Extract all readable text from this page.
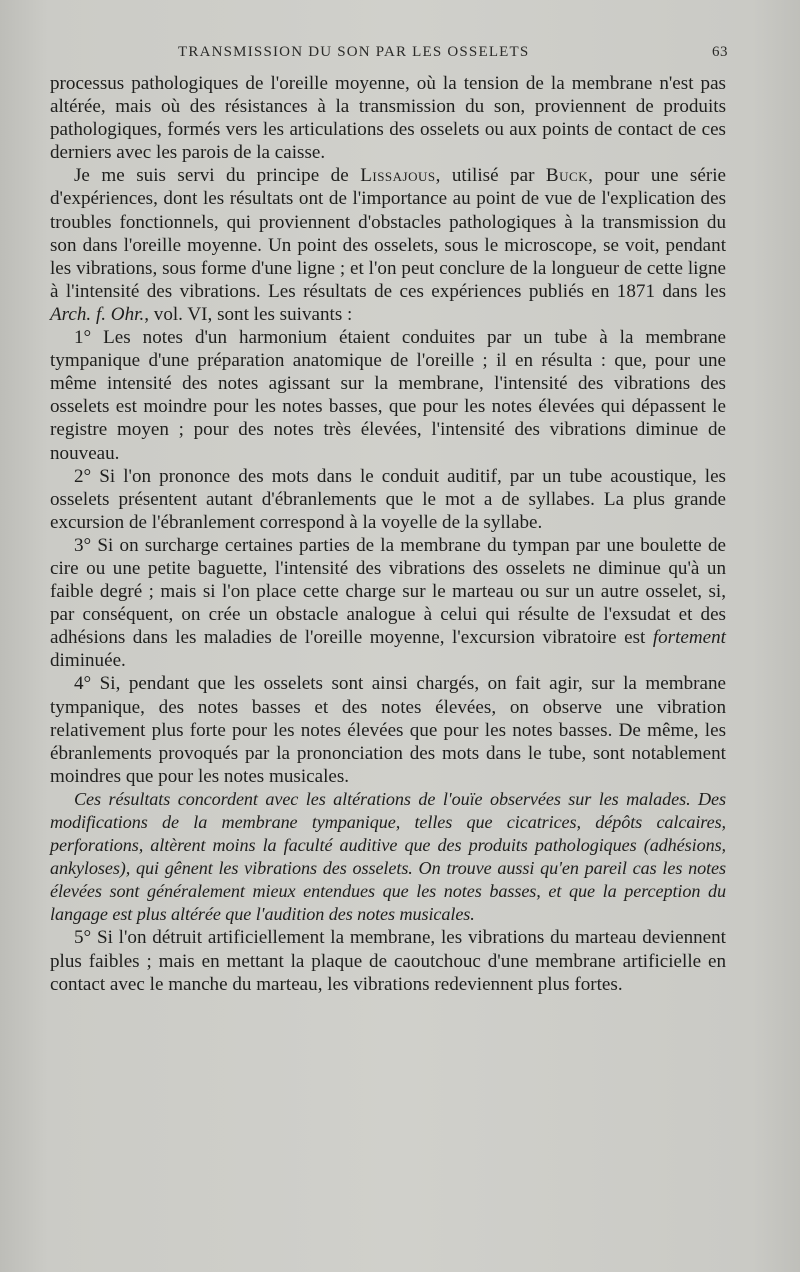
TRANSMISSION DU SON PAR LES OSSELETS	63

processus pathologiques de l'oreille moyenne, où la tension de la membrane n'est pas altérée, mais où des résistances à la transmission du son, proviennent de produits pathologiques, formés vers les articulations des osselets ou aux points de contact de ces derniers avec les parois de la caisse.

Je me suis servi du principe de Lissajous, utilisé par Buck, pour une série d'expériences, dont les résultats ont de l'importance au point de vue de l'explication des troubles fonctionnels, qui proviennent d'obstacles pathologiques à la transmission du son dans l'oreille moyenne. Un point des osselets, sous le microscope, se voit, pendant les vibrations, sous forme d'une ligne ; et l'on peut conclure de la longueur de cette ligne à l'intensité des vibrations. Les résultats de ces expériences publiés en 1871 dans les Arch. f. Ohr., vol. VI, sont les suivants :

1° Les notes d'un harmonium étaient conduites par un tube à la membrane tympanique d'une préparation anatomique de l'oreille ; il en résulta : que, pour une même intensité des notes agissant sur la membrane, l'intensité des vibrations des osselets est moindre pour les notes basses, que pour les notes élevées qui dépassent le registre moyen ; pour des notes très élevées, l'intensité des vibrations diminue de nouveau.

2° Si l'on prononce des mots dans le conduit auditif, par un tube acoustique, les osselets présentent autant d'ébranlements que le mot a de syllabes. La plus grande excursion de l'ébranlement correspond à la voyelle de la syllabe.

3° Si on surcharge certaines parties de la membrane du tympan par une boulette de cire ou une petite baguette, l'intensité des vibrations des osselets ne diminue qu'à un faible degré ; mais si l'on place cette charge sur le marteau ou sur un autre osselet, si, par conséquent, on crée un obstacle analogue à celui qui résulte de l'exsudat et des adhésions dans les maladies de l'oreille moyenne, l'excursion vibratoire est fortement diminuée.

4° Si, pendant que les osselets sont ainsi chargés, on fait agir, sur la membrane tympanique, des notes basses et des notes élevées, on observe une vibration relativement plus forte pour les notes élevées que pour les notes basses. De même, les ébranlements provoqués par la prononciation des mots dans le tube, sont notablement moindres que pour les notes musicales.

Ces résultats concordent avec les altérations de l'ouïe observées sur les malades. Des modifications de la membrane tympanique, telles que cicatrices, dépôts calcaires, perforations, altèrent moins la faculté auditive que des produits pathologiques (adhésions, ankyloses), qui gênent les vibrations des osselets. On trouve aussi qu'en pareil cas les notes élevées sont généralement mieux entendues que les notes basses, et que la perception du langage est plus altérée que l'audition des notes musicales.

5° Si l'on détruit artificiellement la membrane, les vibrations du marteau deviennent plus faibles ; mais en mettant la plaque de caoutchouc d'une membrane artificielle en contact avec le manche du marteau, les vibrations redeviennent plus fortes.
